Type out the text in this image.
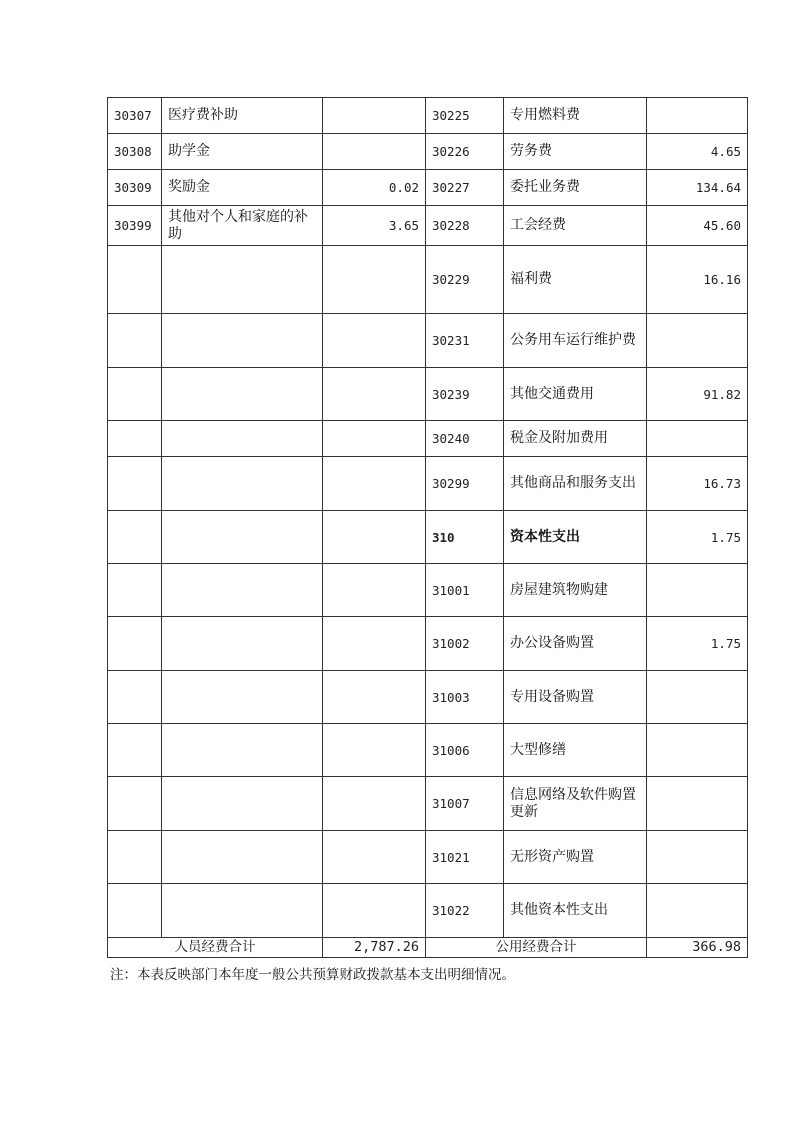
30307	医疗费补助		30225	专用燃料费	
30308	助学金		30226	劳务费	4.65
30309	奖励金	0.02	30227	委托业务费	134.64
30399	其他对个人和家庭的补助	3.65	30228	工会经费	45.60
			30229	福利费	16.16
			30231	公务用车运行维护费	
			30239	其他交通费用	91.82
			30240	税金及附加费用	
			30299	其他商品和服务支出	16.73
			310	资本性支出	1.75
			31001	房屋建筑物购建	
			31002	办公设备购置	1.75
			31003	专用设备购置	
			31006	大型修缮	
			31007	信息网络及软件购置更新	
			31021	无形资产购置	
			31022	其他资本性支出	
人员经费合计		2,787.26	公用经费合计		366.98
注：本表反映部门本年度一般公共预算财政拨款基本支出明细情况。
